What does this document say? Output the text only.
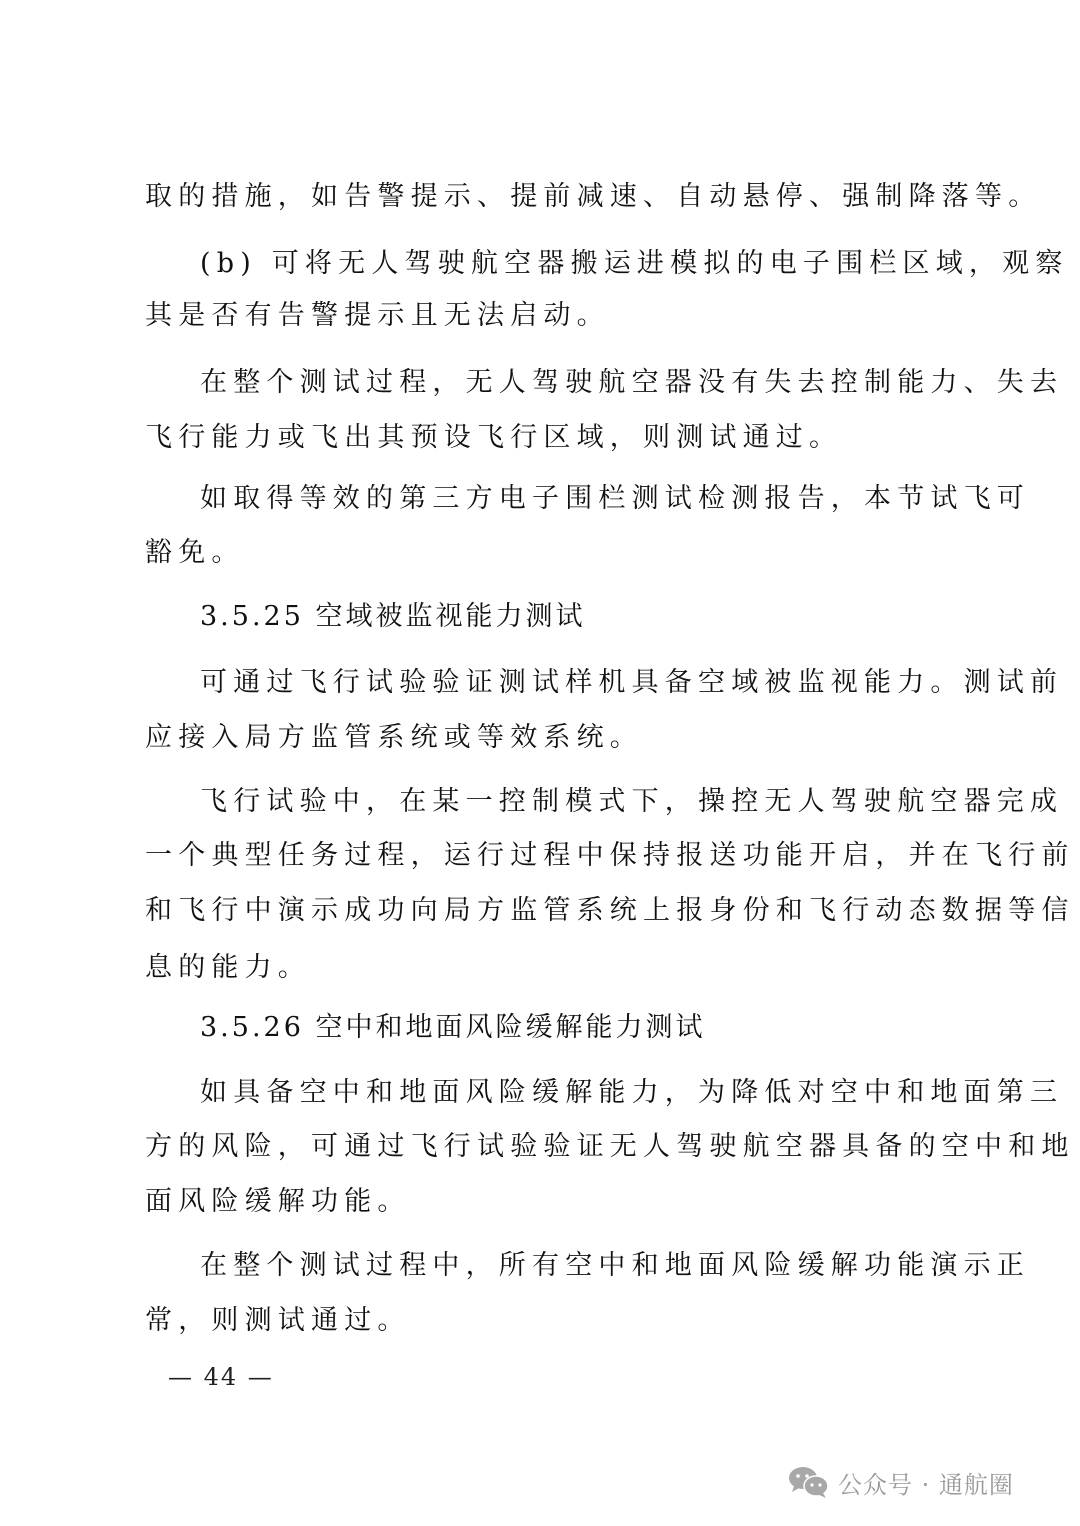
取的措施，如告警提示、提前减速、自动悬停、强制降落等。
(b) 可将无人驾驶航空器搬运进模拟的电子围栏区域，观察
其是否有告警提示且无法启动。
在整个测试过程，无人驾驶航空器没有失去控制能力、失去
飞行能力或飞出其预设飞行区域，则测试通过。
如取得等效的第三方电子围栏测试检测报告，本节试飞可
豁免。
3.5.25 空域被监视能力测试
可通过飞行试验验证测试样机具备空域被监视能力。测试前
应接入局方监管系统或等效系统。
飞行试验中，在某一控制模式下，操控无人驾驶航空器完成
一个典型任务过程，运行过程中保持报送功能开启，并在飞行前
和飞行中演示成功向局方监管系统上报身份和飞行动态数据等信
息的能力。
3.5.26 空中和地面风险缓解能力测试
如具备空中和地面风险缓解能力，为降低对空中和地面第三
方的风险，可通过飞行试验验证无人驾驶航空器具备的空中和地
面风险缓解功能。
在整个测试过程中，所有空中和地面风险缓解功能演示正
常，则测试通过。
— 44 —
公众号 · 通航圈
